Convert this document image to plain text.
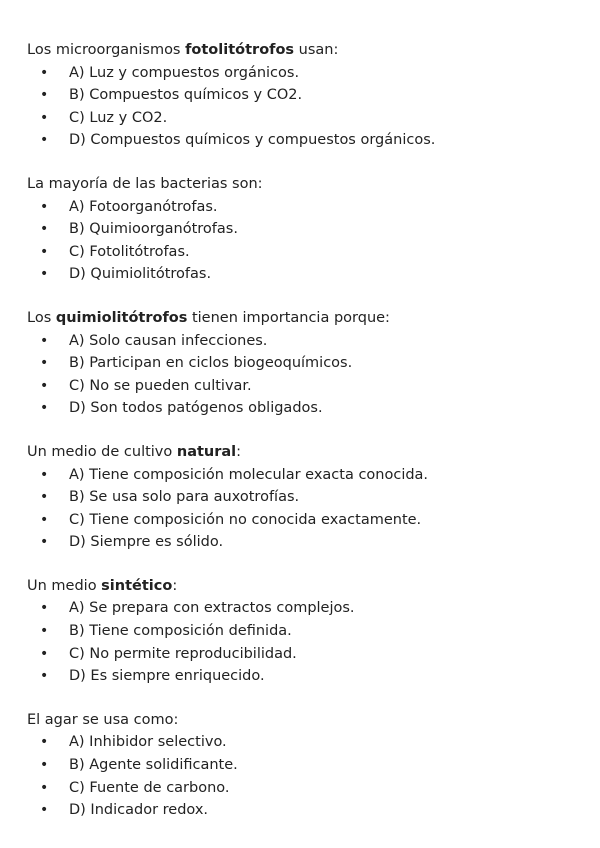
Los microorganismos fotolitótrofos usan:
• A) Luz y compuestos orgánicos.
• B) Compuestos químicos y CO2.
• C) Luz y CO2.
• D) Compuestos químicos y compuestos orgánicos.
La mayoría de las bacterias son:
• A) Fotoorganótrofas.
• B) Quimioorganótrofas.
• C) Fotolitótrofas.
• D) Quimiolitótrofas.
Los quimiolitótrofos tienen importancia porque:
• A) Solo causan infecciones.
• B) Participan en ciclos biogeoquímicos.
• C) No se pueden cultivar.
• D) Son todos patógenos obligados.
Un medio de cultivo natural:
• A) Tiene composición molecular exacta conocida.
• B) Se usa solo para auxotrofías.
• C) Tiene composición no conocida exactamente.
• D) Siempre es sólido.
Un medio sintético:
• A) Se prepara con extractos complejos.
• B) Tiene composición definida.
• C) No permite reproducibilidad.
• D) Es siempre enriquecido.
El agar se usa como:
• A) Inhibidor selectivo.
• B) Agente solidificante.
• C) Fuente de carbono.
• D) Indicador redox.
